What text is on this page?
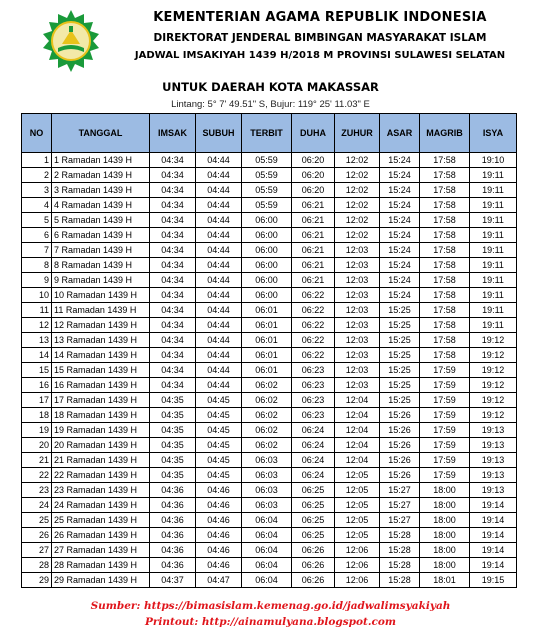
KEMENTERIAN AGAMA REPUBLIK INDONESIA
DIREKTORAT JENDERAL BIMBINGAN MASYARAKAT ISLAM
JADWAL IMSAKIYAH 1439 H/2018 M PROVINSI SULAWESI SELATAN
UNTUK DAERAH KOTA MAKASSAR
Lintang: 5° 7' 49.51" S, Bujur: 119° 25' 11.03" E
NO	TANGGAL	IMSAK	SUBUH	TERBIT	DUHA	ZUHUR	ASAR	MAGRIB	ISYA
1	1 Ramadan 1439 H	04:34	04:44	05:59	06:20	12:02	15:24	17:58	19:10
2	2 Ramadan 1439 H	04:34	04:44	05:59	06:20	12:02	15:24	17:58	19:11
3	3 Ramadan 1439 H	04:34	04:44	05:59	06:20	12:02	15:24	17:58	19:11
4	4 Ramadan 1439 H	04:34	04:44	05:59	06:21	12:02	15:24	17:58	19:11
5	5 Ramadan 1439 H	04:34	04:44	06:00	06:21	12:02	15:24	17:58	19:11
6	6 Ramadan 1439 H	04:34	04:44	06:00	06:21	12:02	15:24	17:58	19:11
7	7 Ramadan 1439 H	04:34	04:44	06:00	06:21	12:03	15:24	17:58	19:11
8	8 Ramadan 1439 H	04:34	04:44	06:00	06:21	12:03	15:24	17:58	19:11
9	9 Ramadan 1439 H	04:34	04:44	06:00	06:21	12:03	15:24	17:58	19:11
10	10 Ramadan 1439 H	04:34	04:44	06:00	06:22	12:03	15:24	17:58	19:11
11	11 Ramadan 1439 H	04:34	04:44	06:01	06:22	12:03	15:25	17:58	19:11
12	12 Ramadan 1439 H	04:34	04:44	06:01	06:22	12:03	15:25	17:58	19:11
13	13 Ramadan 1439 H	04:34	04:44	06:01	06:22	12:03	15:25	17:58	19:12
14	14 Ramadan 1439 H	04:34	04:44	06:01	06:22	12:03	15:25	17:58	19:12
15	15 Ramadan 1439 H	04:34	04:44	06:01	06:23	12:03	15:25	17:59	19:12
16	16 Ramadan 1439 H	04:34	04:44	06:02	06:23	12:03	15:25	17:59	19:12
17	17 Ramadan 1439 H	04:35	04:45	06:02	06:23	12:04	15:25	17:59	19:12
18	18 Ramadan 1439 H	04:35	04:45	06:02	06:23	12:04	15:26	17:59	19:12
19	19 Ramadan 1439 H	04:35	04:45	06:02	06:24	12:04	15:26	17:59	19:13
20	20 Ramadan 1439 H	04:35	04:45	06:02	06:24	12:04	15:26	17:59	19:13
21	21 Ramadan 1439 H	04:35	04:45	06:03	06:24	12:04	15:26	17:59	19:13
22	22 Ramadan 1439 H	04:35	04:45	06:03	06:24	12:05	15:26	17:59	19:13
23	23 Ramadan 1439 H	04:36	04:46	06:03	06:25	12:05	15:27	18:00	19:13
24	24 Ramadan 1439 H	04:36	04:46	06:03	06:25	12:05	15:27	18:00	19:14
25	25 Ramadan 1439 H	04:36	04:46	06:04	06:25	12:05	15:27	18:00	19:14
26	26 Ramadan 1439 H	04:36	04:46	06:04	06:25	12:05	15:28	18:00	19:14
27	27 Ramadan 1439 H	04:36	04:46	06:04	06:26	12:06	15:28	18:00	19:14
28	28 Ramadan 1439 H	04:36	04:46	06:04	06:26	12:06	15:28	18:00	19:14
29	29 Ramadan 1439 H	04:37	04:47	06:04	06:26	12:06	15:28	18:01	19:15
Sumber: https://bimasislam.kemenag.go.id/jadwalimsyakiyah
Printout: http://ainamulyana.blogspot.com
